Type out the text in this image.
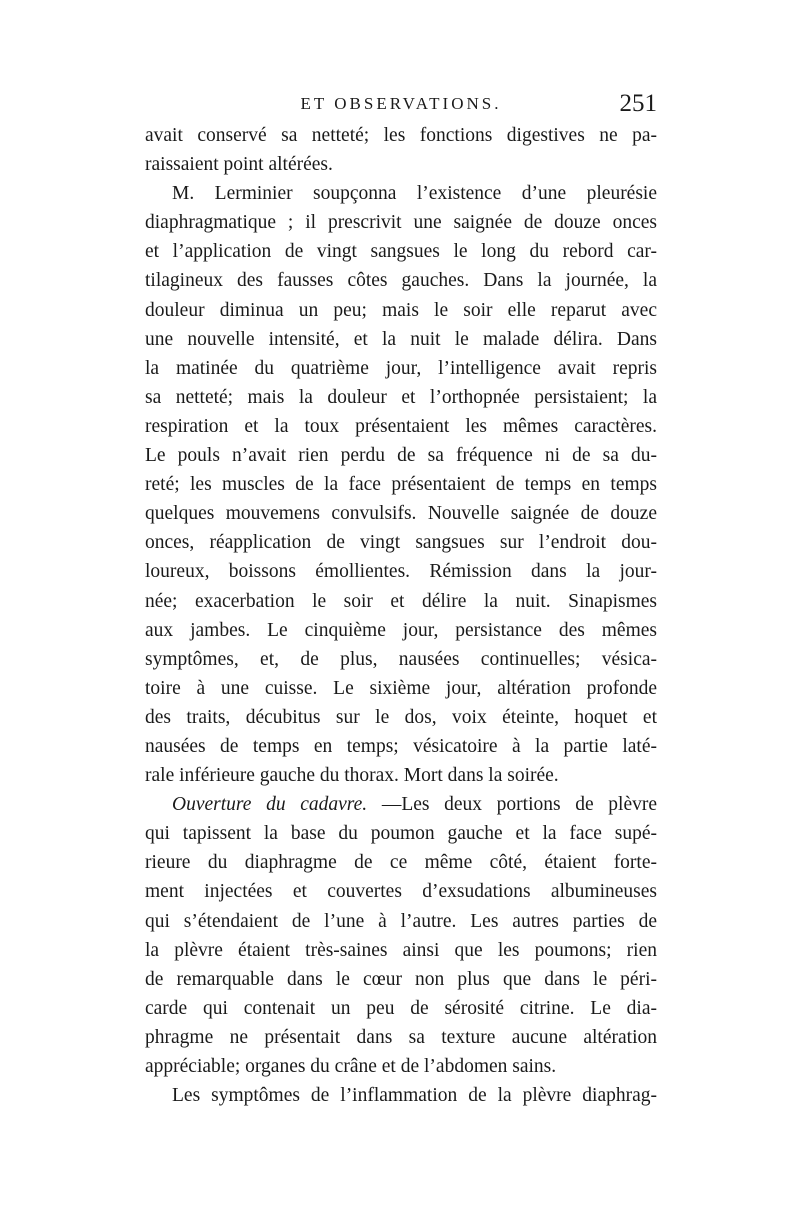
ET OBSERVATIONS.	251
avait conservé sa netteté; les fonctions digestives ne pa-
raissaient point altérées.
M. Lerminier soupçonna l’existence d’une pleurésie
diaphragmatique ; il prescrivit une saignée de douze onces
et l’application de vingt sangsues le long du rebord car-
tilagineux des fausses côtes gauches. Dans la journée, la
douleur diminua un peu; mais le soir elle reparut avec
une nouvelle intensité, et la nuit le malade délira. Dans
la matinée du quatrième jour, l’intelligence avait repris
sa netteté; mais la douleur et l’orthopnée persistaient; la
respiration et la toux présentaient les mêmes caractères.
Le pouls n’avait rien perdu de sa fréquence ni de sa du-
reté; les muscles de la face présentaient de temps en temps
quelques mouvemens convulsifs. Nouvelle saignée de douze
onces, réapplication de vingt sangsues sur l’endroit dou-
loureux, boissons émollientes. Rémission dans la jour-
née; exacerbation le soir et délire la nuit. Sinapismes
aux jambes. Le cinquième jour, persistance des mêmes
symptômes, et, de plus, nausées continuelles; vésica-
toire à une cuisse. Le sixième jour, altération profonde
des traits, décubitus sur le dos, voix éteinte, hoquet et
nausées de temps en temps; vésicatoire à la partie laté-
rale inférieure gauche du thorax. Mort dans la soirée.
Ouverture du cadavre. —Les deux portions de plèvre
qui tapissent la base du poumon gauche et la face supé-
rieure du diaphragme de ce même côté, étaient forte-
ment injectées et couvertes d’exsudations albumineuses
qui s’étendaient de l’une à l’autre. Les autres parties de
la plèvre étaient très-saines ainsi que les poumons; rien
de remarquable dans le cœur non plus que dans le péri-
carde qui contenait un peu de sérosité citrine. Le dia-
phragme ne présentait dans sa texture aucune altération
appréciable; organes du crâne et de l’abdomen sains.
Les symptômes de l’inflammation de la plèvre diaphrag-
